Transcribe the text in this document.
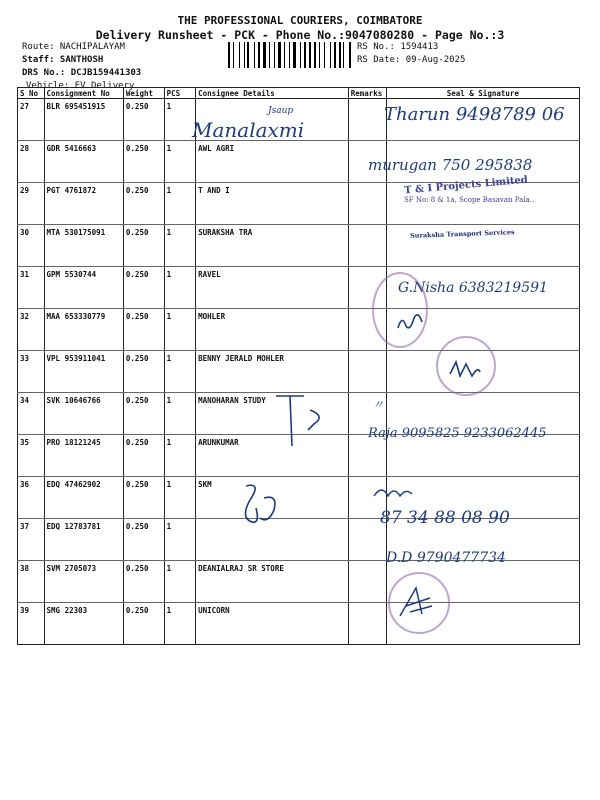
THE PROFESSIONAL COURIERS, COIMBATORE
Delivery Runsheet - PCK - Phone No.:9047080280 - Page No.:3
Route: NACHIPALAYAM
Staff: SANTHOSH
DRS No.: DCJB159441303
Vehicle: EV Delivery
RS No.: 1594413
RS Date: 09-Aug-2025
S No	Consignment No	Weight	PCS	Consignee Details	Remarks	Seal & Signature
27	BLR 695451915	0.250	1			
28	GDR 5416663	0.250	1	AWL AGRI		
29	PGT 4761872	0.250	1	T AND I		
30	MTA 530175091	0.250	1	SURAKSHA TRA		
31	GPM 5530744	0.250	1	RAVEL		
32	MAA 653330779	0.250	1	MOHLER		
33	VPL 953911041	0.250	1	BENNY JERALD MOHLER		
34	SVK 10646766	0.250	1	MANOHARAN STUDY		
35	PRO 18121245	0.250	1	ARUNKUMAR		
36	EDQ 47462902	0.250	1	SKM		
37	EDQ 12783781	0.250	1			
38	SVM 2705073	0.250	1	DEANIALRAJ SR STORE		
39	SMG 22303	0.250	1	UNICORN		
Manalaxmi
Jsaup	Tharun 9498789 06
murugan 750 295838
T & I Projects Limited
SF No: 8 & 1a, Scope Basavan Pala..
Suraksha Transport Services
G.Nisha 6383219591
Raja 9095825 9233062445
87 34 88 08 90
D.D 9790477734
〃
